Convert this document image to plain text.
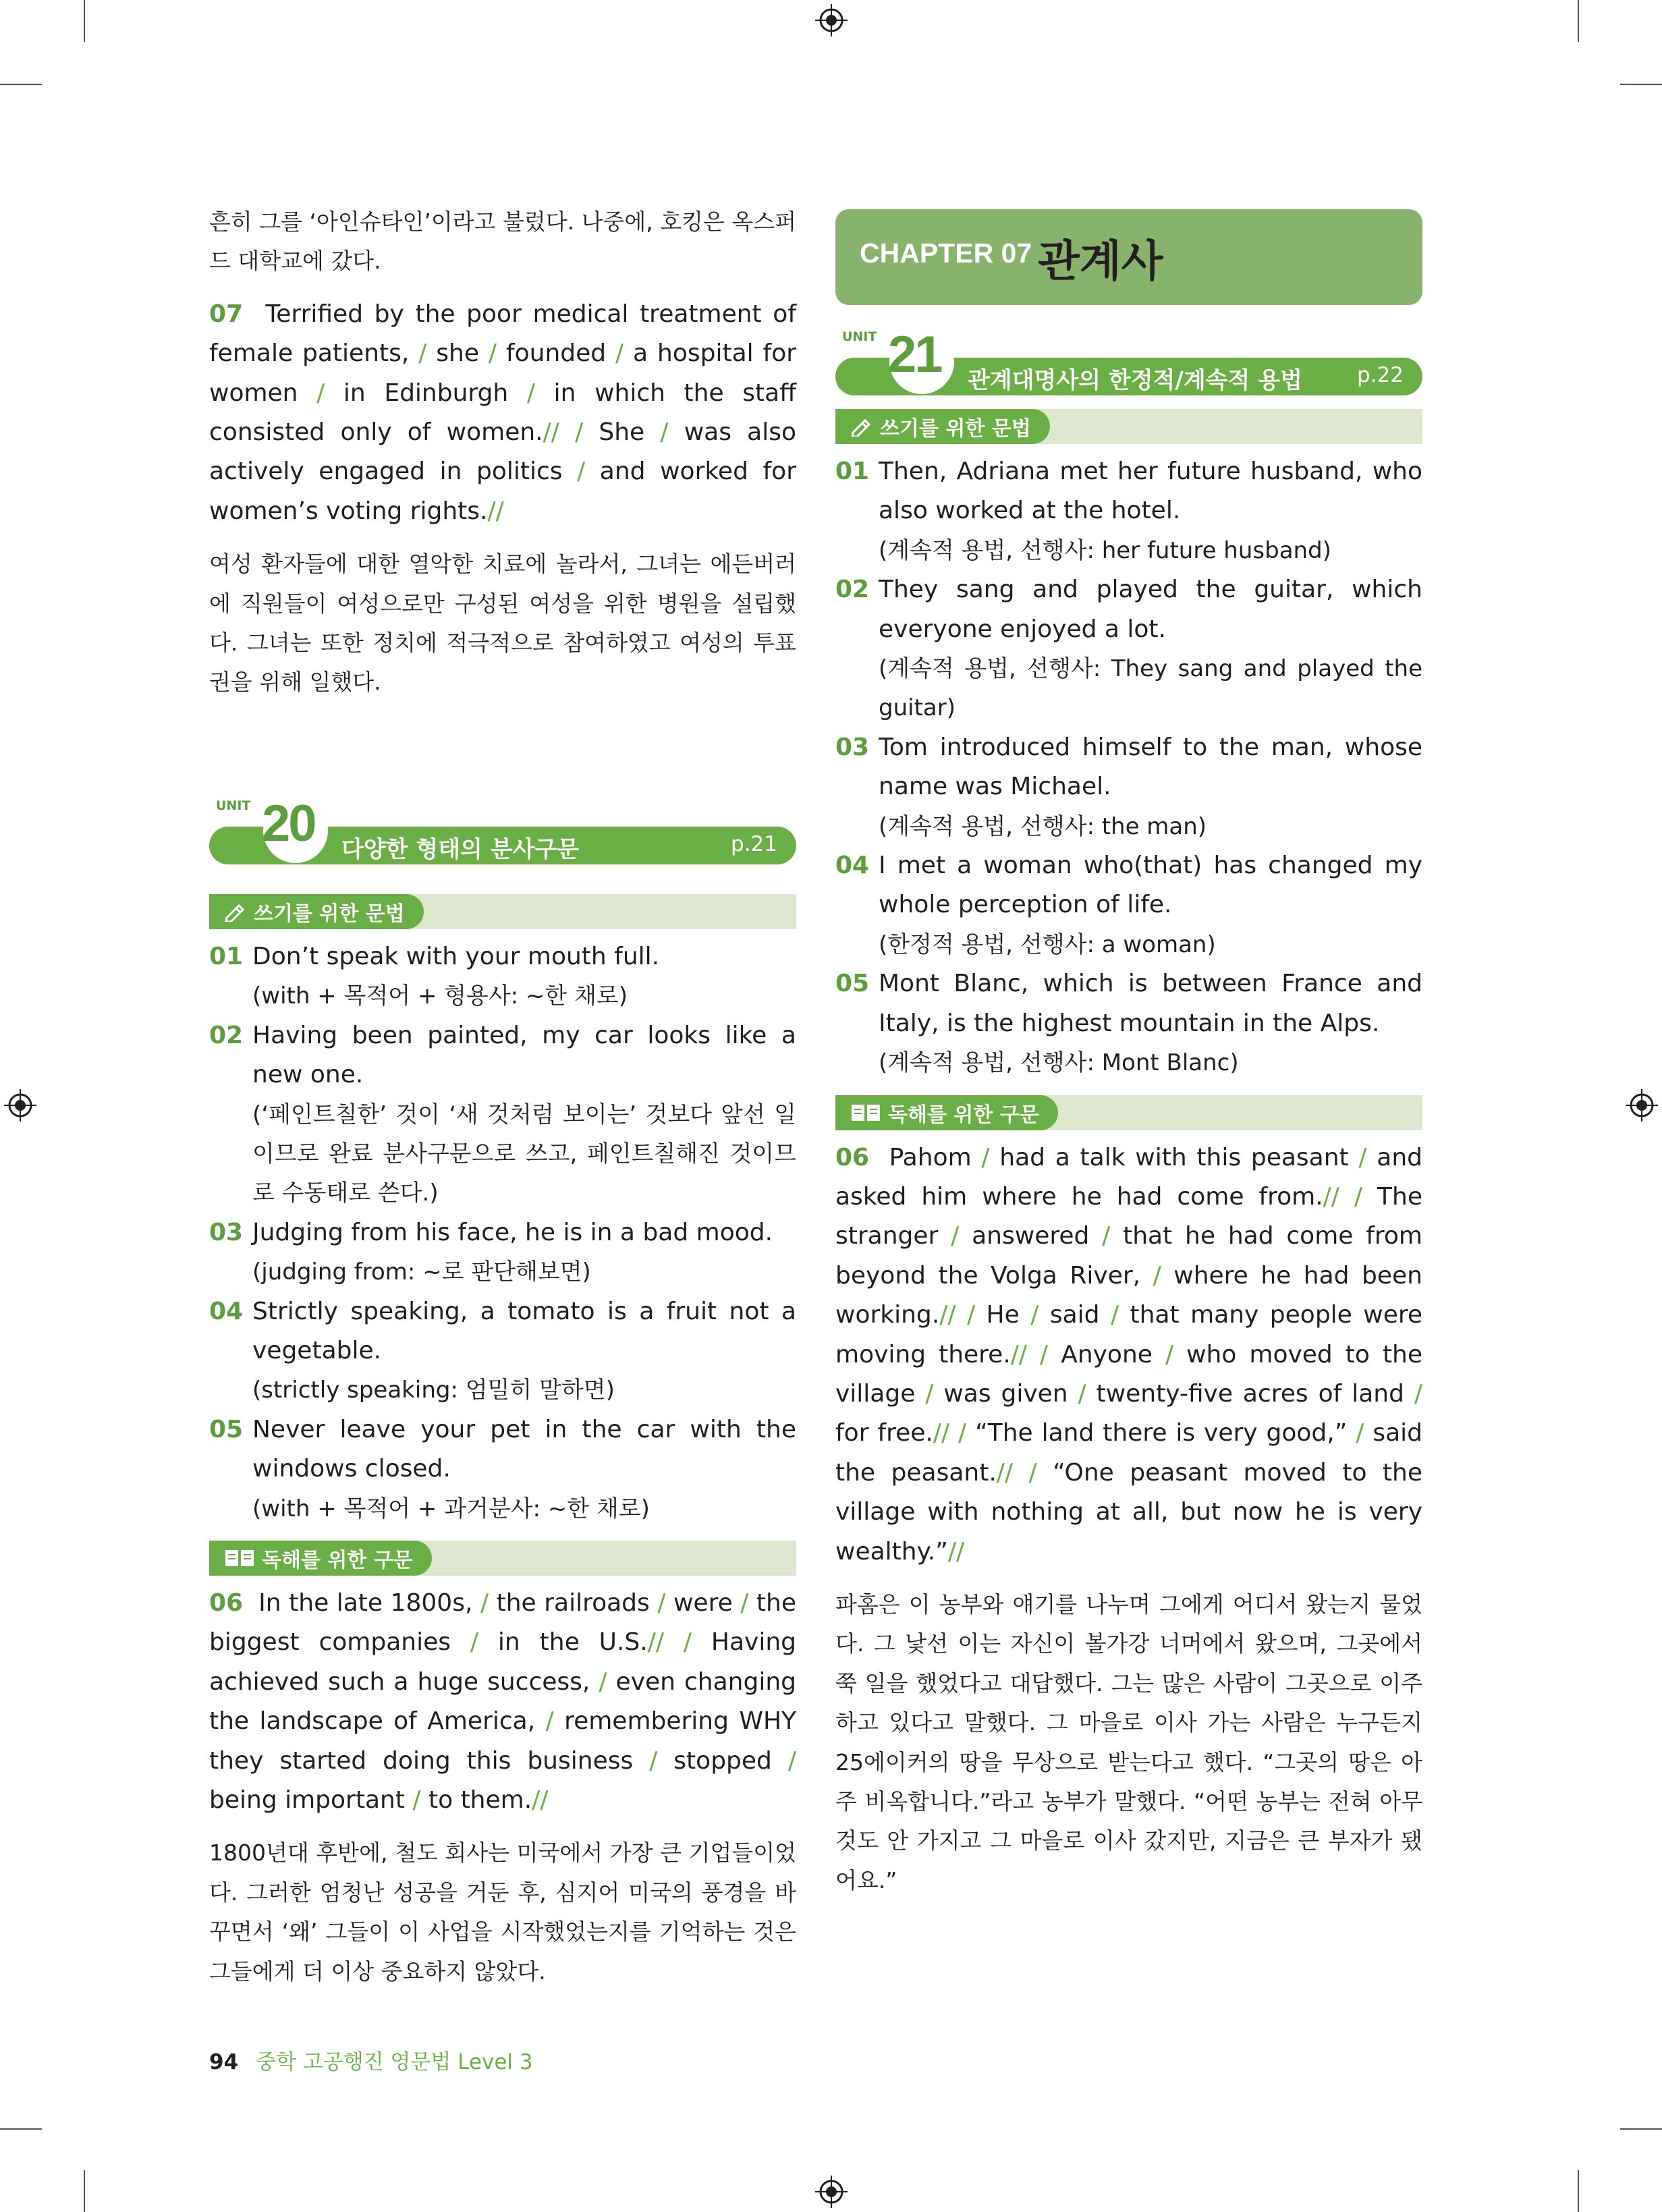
흔히 그를 ‘아인슈타인’이라고 불렀다. 나중에, 호킹은 옥스퍼드 대학교에 갔다.

07 Terrified by the poor medical treatment of female patients, / she / founded / a hospital for women / in Edinburgh / in which the staff consisted only of women.// / She / was also actively engaged in politics / and worked for women’s voting rights.//

여성 환자들에 대한 열악한 치료에 놀라서, 그녀는 에든버러에 직원들이 여성으로만 구성된 여성을 위한 병원을 설립했다. 그녀는 또한 정치에 적극적으로 참여하였고 여성의 투표권을 위해 일했다.

UNIT 20 다양한 형태의 분사구문	p.21
쓰기를 위한 문법
01 Don’t speak with your mouth full.
(with + 목적어 + 형용사: ~한 채로)
02 Having been painted, my car looks like a new one.
(‘페인트칠한’ 것이 ‘새 것처럼 보이는’ 것보다 앞선 일이므로 완료 분사구문으로 쓰고, 페인트칠해진 것이므로 수동태로 쓴다.)
03 Judging from his face, he is in a bad mood.
(judging from: ~로 판단해보면)
04 Strictly speaking, a tomato is a fruit not a vegetable.
(strictly speaking: 엄밀히 말하면)
05 Never leave your pet in the car with the windows closed.
(with + 목적어 + 과거분사: ~한 채로)
독해를 위한 구문

06 In the late 1800s, / the railroads / were / the biggest companies / in the U.S.// / Having achieved such a huge success, / even changing the landscape of America, / remembering WHY they started doing this business / stopped / being important / to them.//

1800년대 후반에, 철도 회사는 미국에서 가장 큰 기업들이었다. 그러한 엄청난 성공을 거둔 후, 심지어 미국의 풍경을 바꾸면서 ‘왜’ 그들이 이 사업을 시작했었는지를 기억하는 것은 그들에게 더 이상 중요하지 않았다.

CHAPTER 07 관계사
UNIT 21 관계대명사의 한정적/계속적 용법	p.22
쓰기를 위한 문법
01 Then, Adriana met her future husband, who also worked at the hotel.
(계속적 용법, 선행사: her future husband)
02 They sang and played the guitar, which everyone enjoyed a lot.
(계속적 용법, 선행사: They sang and played the guitar)
03 Tom introduced himself to the man, whose name was Michael.
(계속적 용법, 선행사: the man)
04 I met a woman who(that) has changed my whole perception of life.
(한정적 용법, 선행사: a woman)
05 Mont Blanc, which is between France and Italy, is the highest mountain in the Alps.
(계속적 용법, 선행사: Mont Blanc)
독해를 위한 구문

06 Pahom / had a talk with this peasant / and asked him where he had come from.// / The stranger / answered / that he had come from beyond the Volga River, / where he had been working.// / He / said / that many people were moving there.// / Anyone / who moved to the village / was given / twenty-five acres of land / for free.// / “The land there is very good,” / said the peasant.// / “One peasant moved to the village with nothing at all, but now he is very wealthy.”//

파홈은 이 농부와 얘기를 나누며 그에게 어디서 왔는지 물었다. 그 낯선 이는 자신이 볼가강 너머에서 왔으며, 그곳에서 쭉 일을 했었다고 대답했다. 그는 많은 사람이 그곳으로 이주하고 있다고 말했다. 그 마을로 이사 가는 사람은 누구든지 25에이커의 땅을 무상으로 받는다고 했다. “그곳의 땅은 아주 비옥합니다.”라고 농부가 말했다. “어떤 농부는 전혀 아무것도 안 가지고 그 마을로 이사 갔지만, 지금은 큰 부자가 됐어요.”

94 중학 고공행진 영문법 Level 3
